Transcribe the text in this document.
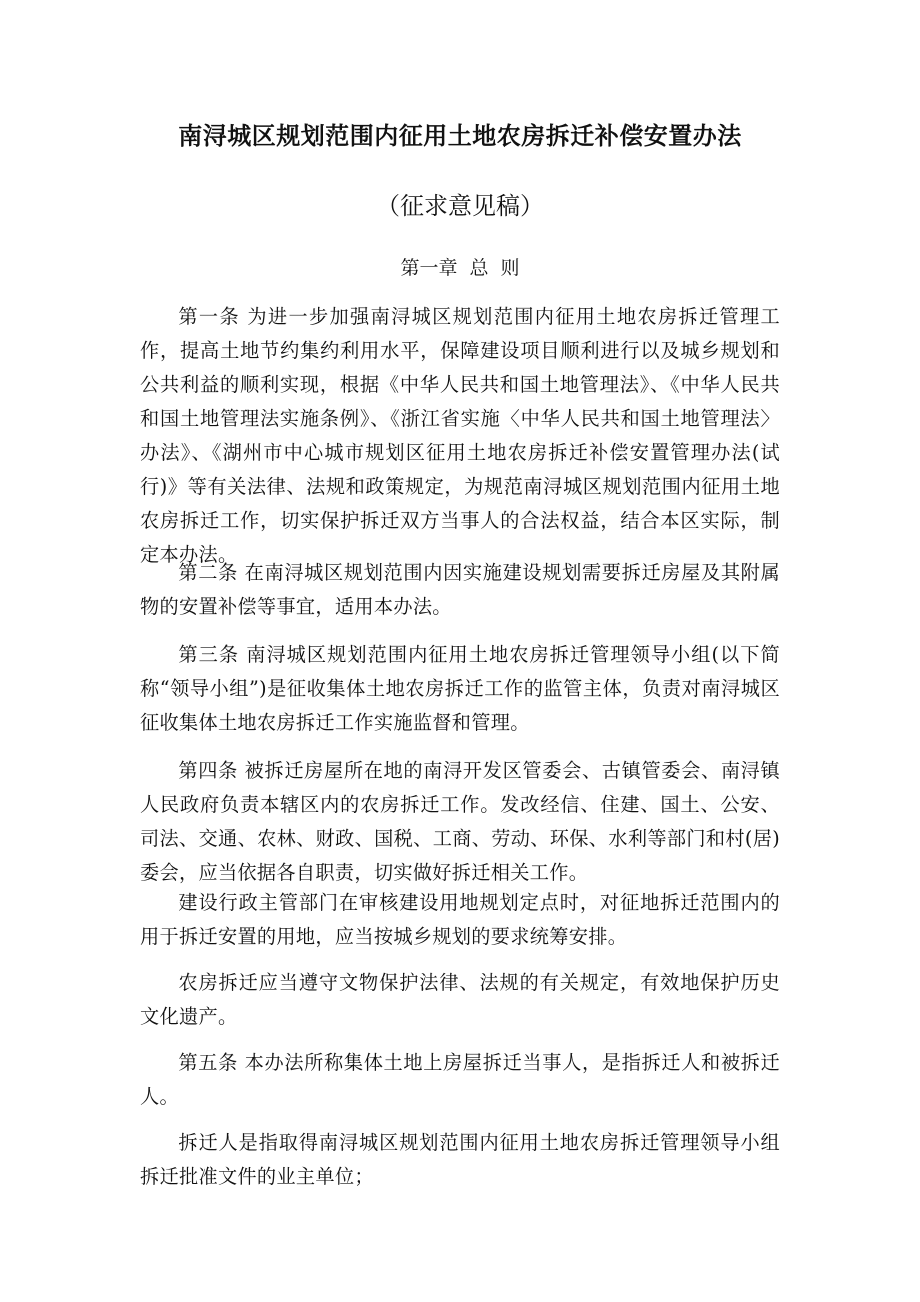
南浔城区规划范围内征用土地农房拆迁补偿安置办法
（征求意见稿）
第一章 总 则

第一条 为进一步加强南浔城区规划范围内征用土地农房拆迁管理工作，提高土地节约集约利用水平，保障建设项目顺利进行以及城乡规划和公共利益的顺利实现，根据《中华人民共和国土地管理法》、《中华人民共和国土地管理法实施条例》、《浙江省实施〈中华人民共和国土地管理法〉办法》、《湖州市中心城市规划区征用土地农房拆迁补偿安置管理办法(试行)》等有关法律、法规和政策规定，为规范南浔城区规划范围内征用土地农房拆迁工作，切实保护拆迁双方当事人的合法权益，结合本区实际，制定本办法。

第二条 在南浔城区规划范围内因实施建设规划需要拆迁房屋及其附属物的安置补偿等事宜，适用本办法。

第三条 南浔城区规划范围内征用土地农房拆迁管理领导小组(以下简称“领导小组”)是征收集体土地农房拆迁工作的监管主体，负责对南浔城区征收集体土地农房拆迁工作实施监督和管理。

第四条 被拆迁房屋所在地的南浔开发区管委会、古镇管委会、南浔镇人民政府负责本辖区内的农房拆迁工作。发改经信、住建、国土、公安、司法、交通、农林、财政、国税、工商、劳动、环保、水利等部门和村(居)委会，应当依据各自职责，切实做好拆迁相关工作。

建设行政主管部门在审核建设用地规划定点时，对征地拆迁范围内的用于拆迁安置的用地，应当按城乡规划的要求统筹安排。

农房拆迁应当遵守文物保护法律、法规的有关规定，有效地保护历史文化遗产。

第五条 本办法所称集体土地上房屋拆迁当事人，是指拆迁人和被拆迁人。

拆迁人是指取得南浔城区规划范围内征用土地农房拆迁管理领导小组拆迁批准文件的业主单位；
